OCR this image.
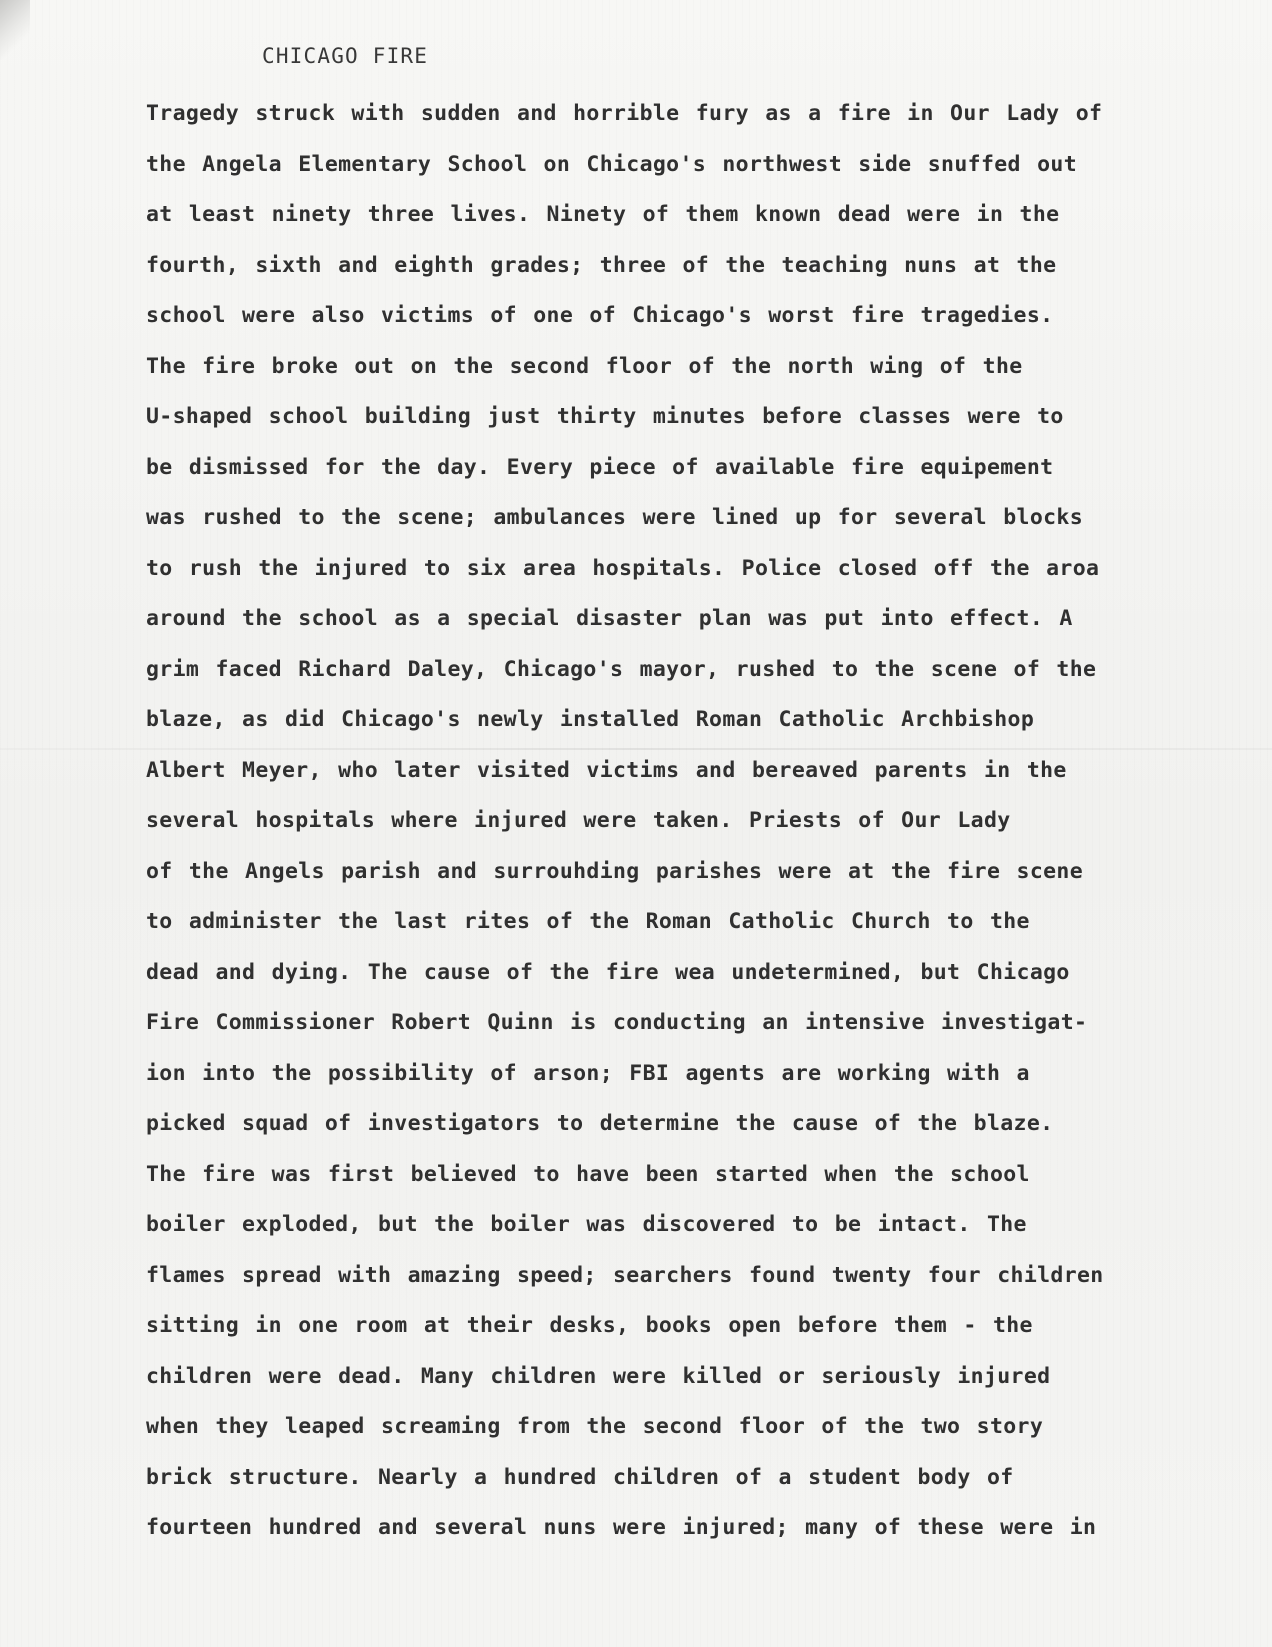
CHICAGO FIRE
Tragedy struck with sudden and horrible fury as a fire in Our Lady of
the Angela Elementary School on Chicago's northwest side snuffed out
at least ninety three lives. Ninety of them known dead were in the
fourth, sixth and eighth grades; three of the teaching nuns at the
school were also victims of one of Chicago's worst fire tragedies.
The fire broke out on the second floor of the north wing of the
U-shaped school building just thirty minutes before classes were to
be dismissed for the day. Every piece of available fire equipement
was rushed to the scene; ambulances were lined up for several blocks
to rush the injured to six area hospitals. Police closed off the aroa
around the school as a special disaster plan was put into effect. A
grim faced Richard Daley, Chicago's mayor, rushed to the scene of the
blaze, as did Chicago's newly installed Roman Catholic Archbishop
Albert Meyer, who later visited victims and bereaved parents in the
several hospitals where injured were taken. Priests of Our Lady
of the Angels parish and surrouhding parishes were at the fire scene
to administer the last rites of the Roman Catholic Church to the
dead and dying. The cause of the fire wea undetermined, but Chicago
Fire Commissioner Robert Quinn is conducting an intensive investigat-
ion into the possibility of arson; FBI agents are working with a
picked squad of investigators to determine the cause of the blaze.
The fire was first believed to have been started when the school
boiler exploded, but the boiler was discovered to be intact. The
flames spread with amazing speed; searchers found twenty four children
sitting in one room at their desks, books open before them - the
children were dead. Many children were killed or seriously injured
when they leaped screaming from the second floor of the two story
brick structure. Nearly a hundred children of a student body of
fourteen hundred and several nuns were injured; many of these were in
